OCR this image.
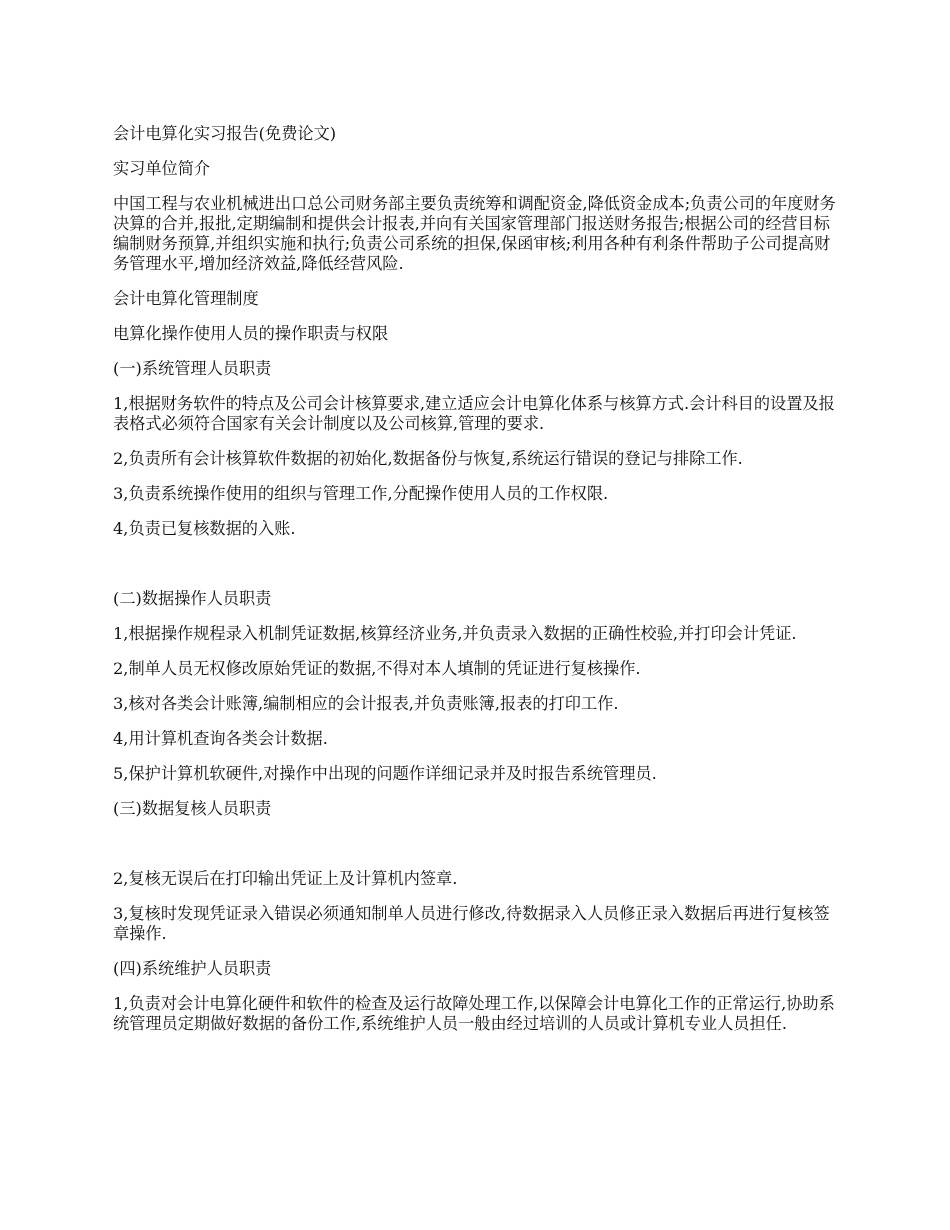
会计电算化实习报告(免费论文)

实习单位简介

中国工程与农业机械进出口总公司财务部主要负责统筹和调配资金,降低资金成本;负责公司的年度财务决算的合并,报批,定期编制和提供会计报表,并向有关国家管理部门报送财务报告;根据公司的经营目标编制财务预算,并组织实施和执行;负责公司系统的担保,保函审核;利用各种有利条件帮助子公司提高财务管理水平,增加经济效益,降低经营风险.

会计电算化管理制度

电算化操作使用人员的操作职责与权限

(一)系统管理人员职责

1,根据财务软件的特点及公司会计核算要求,建立适应会计电算化体系与核算方式.会计科目的设置及报表格式必须符合国家有关会计制度以及公司核算,管理的要求.

2,负责所有会计核算软件数据的初始化,数据备份与恢复,系统运行错误的登记与排除工作.

3,负责系统操作使用的组织与管理工作,分配操作使用人员的工作权限.

4,负责已复核数据的入账.

(二)数据操作人员职责

1,根据操作规程录入机制凭证数据,核算经济业务,并负责录入数据的正确性校验,并打印会计凭证.

2,制单人员无权修改原始凭证的数据,不得对本人填制的凭证进行复核操作.

3,核对各类会计账簿,编制相应的会计报表,并负责账簿,报表的打印工作.

4,用计算机查询各类会计数据.

5,保护计算机软硬件,对操作中出现的问题作详细记录并及时报告系统管理员.

(三)数据复核人员职责

2,复核无误后在打印输出凭证上及计算机内签章.

3,复核时发现凭证录入错误必须通知制单人员进行修改,待数据录入人员修正录入数据后再进行复核签章操作.

(四)系统维护人员职责

1,负责对会计电算化硬件和软件的检查及运行故障处理工作,以保障会计电算化工作的正常运行,协助系统管理员定期做好数据的备份工作,系统维护人员一般由经过培训的人员或计算机专业人员担任.
